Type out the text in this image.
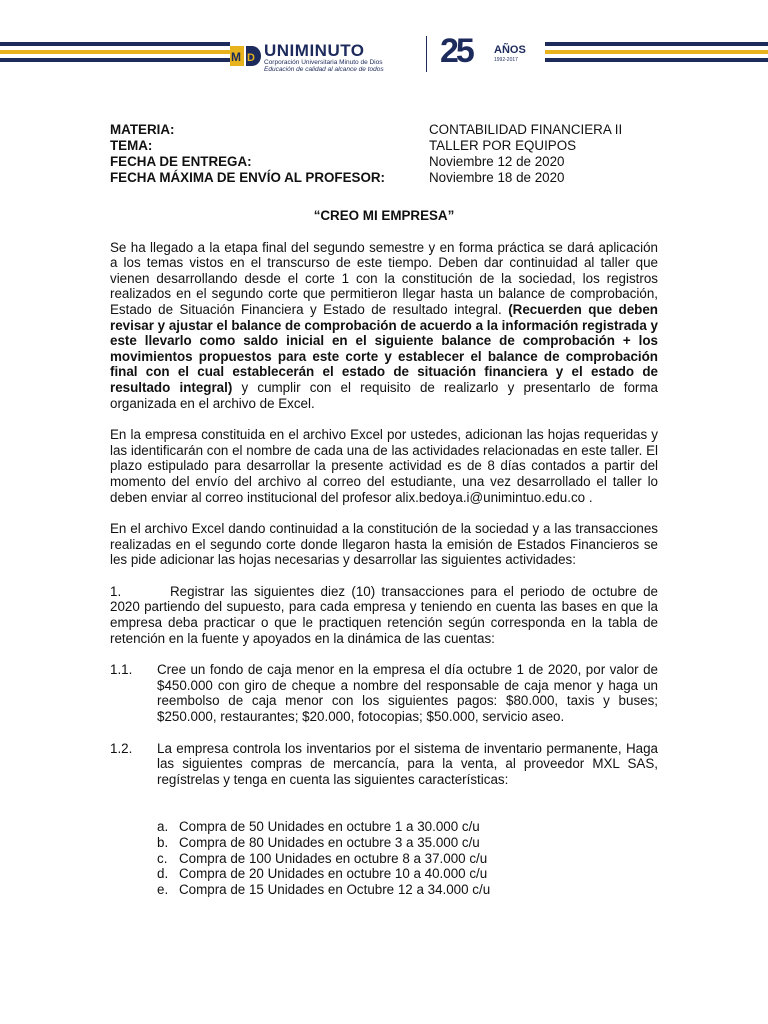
M D UNIMINUTO
Corporación Universitaria Minuto de Dios
Educación de calidad al alcance de todos 25 AÑOS
1992-2017
MATERIA:	CONTABILIDAD FINANCIERA II
TEMA:	TALLER POR EQUIPOS
FECHA DE ENTREGA:	Noviembre 12 de 2020
FECHA MÁXIMA DE ENVÍO AL PROFESOR:	Noviembre 18 de 2020
“CREO MI EMPRESA”

Se ha llegado a la etapa final del segundo semestre y en forma práctica se dará aplicación a los temas vistos en el transcurso de este tiempo. Deben dar continuidad al taller que vienen desarrollando desde el corte 1 con la constitución de la sociedad, los registros realizados en el segundo corte que permitieron llegar hasta un balance de comprobación, Estado de Situación Financiera y Estado de resultado integral. (Recuerden que deben revisar y ajustar el balance de comprobación de acuerdo a la información registrada y este llevarlo como saldo inicial en el siguiente balance de comprobación + los movimientos propuestos para este corte y establecer el balance de comprobación final con el cual establecerán el estado de situación financiera y el estado de resultado integral) y cumplir con el requisito de realizarlo y presentarlo de forma organizada en el archivo de Excel.

En la empresa constituida en el archivo Excel por ustedes, adicionan las hojas requeridas y las identificarán con el nombre de cada una de las actividades relacionadas en este taller. El plazo estipulado para desarrollar la presente actividad es de 8 días contados a partir del momento del envío del archivo al correo del estudiante, una vez desarrollado el taller lo deben enviar al correo institucional del profesor alix.bedoya.i@unimintuo.edu.co .

En el archivo Excel dando continuidad a la constitución de la sociedad y a las transacciones realizadas en el segundo corte donde llegaron hasta la emisión de Estados Financieros se les pide adicionar las hojas necesarias y desarrollar las siguientes actividades:

1.	Registrar las siguientes diez (10) transacciones para el periodo de octubre de 2020 partiendo del supuesto, para cada empresa y teniendo en cuenta las bases en que la empresa deba practicar o que le practiquen retención según corresponda en la tabla de retención en la fuente y apoyados en la dinámica de las cuentas:

1.1.	Cree un fondo de caja menor en la empresa el día octubre 1 de 2020, por valor de $450.000 con giro de cheque a nombre del responsable de caja menor y haga un reembolso de caja menor con los siguientes pagos: $80.000, taxis y buses; $250.000, restaurantes; $20.000, fotocopias; $50.000, servicio aseo.
1.2.	La empresa controla los inventarios por el sistema de inventario permanente, Haga las siguientes compras de mercancía, para la venta, al proveedor MXL SAS, regístrelas y tenga en cuenta las siguientes características:
a. Compra de 50 Unidades en octubre 1 a 30.000 c/u
b. Compra de 80 Unidades en octubre 3 a 35.000 c/u
c. Compra de 100 Unidades en octubre 8 a 37.000 c/u
d. Compra de 20 Unidades en octubre 10 a 40.000 c/u
e. Compra de 15 Unidades en Octubre 12 a 34.000 c/u
